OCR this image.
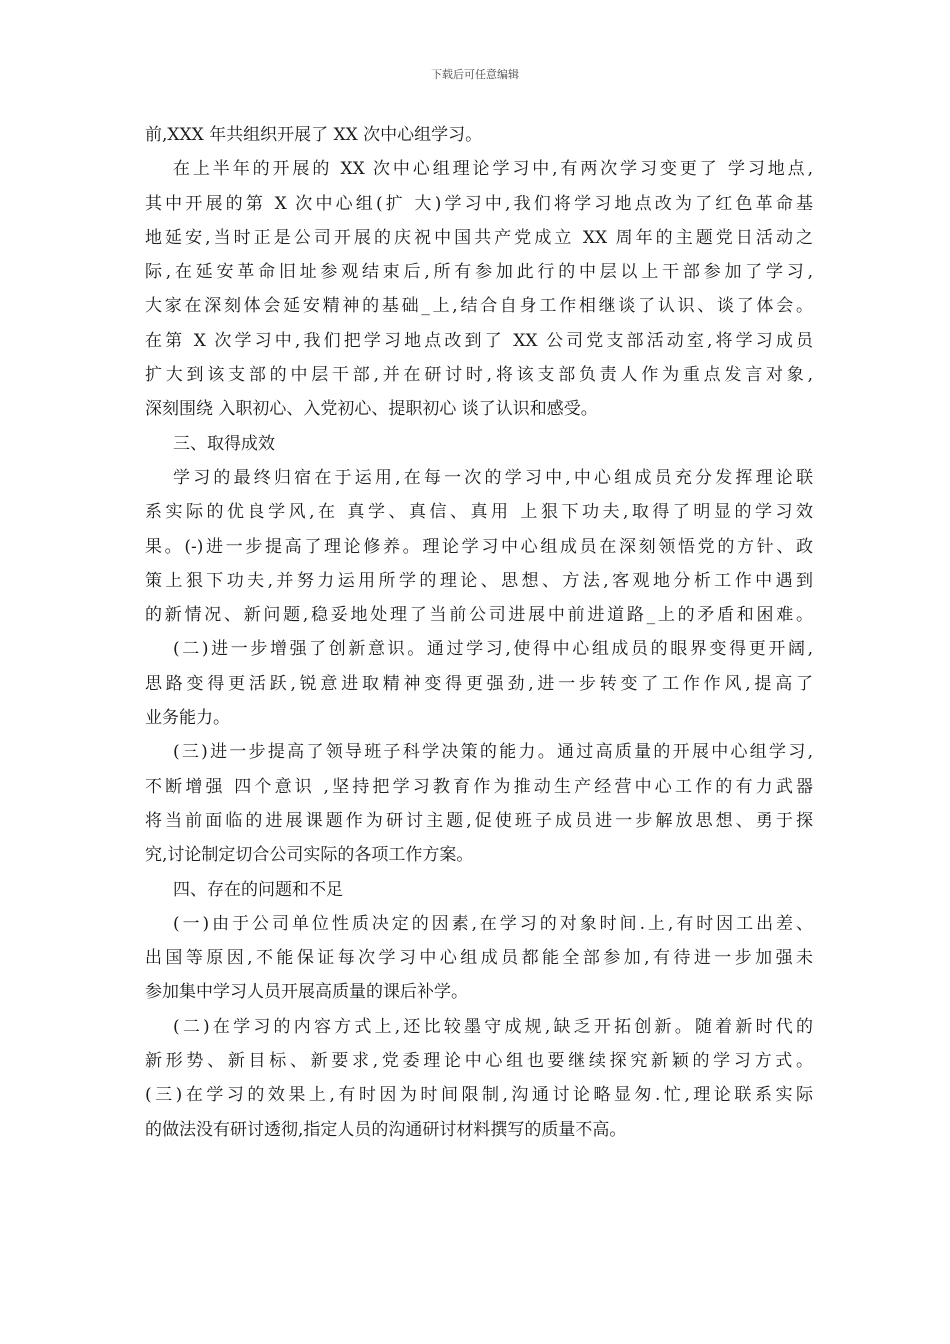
下载后可任意编辑
前,XXX 年共组织开展了 XX 次中心组学习。
在上半年的开展的 XX 次中心组理论学习中,有两次学习变更了 学习地点,
其中开展的第 X 次中心组(扩 大)学习中,我们将学习地点改为了红色革命基
地延安,当时正是公司开展的庆祝中国共产党成立 XX 周年的主题党日活动之
际,在延安革命旧址参观结束后,所有参加此行的中层以上干部参加了学习,
大家在深刻体会延安精神的基础_上,结合自身工作相继谈了认识、谈了体会。
在第 X 次学习中,我们把学习地点改到了 XX 公司党支部活动室,将学习成员
扩大到该支部的中层干部,并在研讨时,将该支部负责人作为重点发言对象,
深刻围绕 入职初心、入党初心、提职初心 谈了认识和感受。
三、取得成效
学习的最终归宿在于运用,在每一次的学习中,中心组成员充分发挥理论联
系实际的优良学风,在 真学、真信、真用 上狠下功夫,取得了明显的学习效
果。(-)进一步提高了理论修养。理论学习中心组成员在深刻领悟党的方针、政
策上狠下功夫,并努力运用所学的理论、思想、方法,客观地分析工作中遇到
的新情况、新问题,稳妥地处理了当前公司进展中前进道路_上的矛盾和困难。
(二)进一步增强了创新意识。通过学习,使得中心组成员的眼界变得更开阔,
思路变得更活跃,锐意进取精神变得更强劲,进一步转变了工作作风,提高了
业务能力。
(三)进一步提高了领导班子科学决策的能力。通过高质量的开展中心组学习,
不断增强 四个意识 ,坚持把学习教育作为推动生产经营中心工作的有力武器
将当前面临的进展课题作为研讨主题,促使班子成员进一步解放思想、勇于探
究,讨论制定切合公司实际的各项工作方案。
四、存在的问题和不足
(一)由于公司单位性质决定的因素,在学习的对象时间.上,有时因工出差、
出国等原因,不能保证每次学习中心组成员都能全部参加,有待进一步加强未
参加集中学习人员开展高质量的课后补学。
(二)在学习的内容方式上,还比较墨守成规,缺乏开拓创新。随着新时代的
新形势、新目标、新要求,党委理论中心组也要继续探究新颖的学习方式。
(三)在学习的效果上,有时因为时间限制,沟通讨论略显匆.忙,理论联系实际
的做法没有研讨透彻,指定人员的沟通研讨材料撰写的质量不高。
